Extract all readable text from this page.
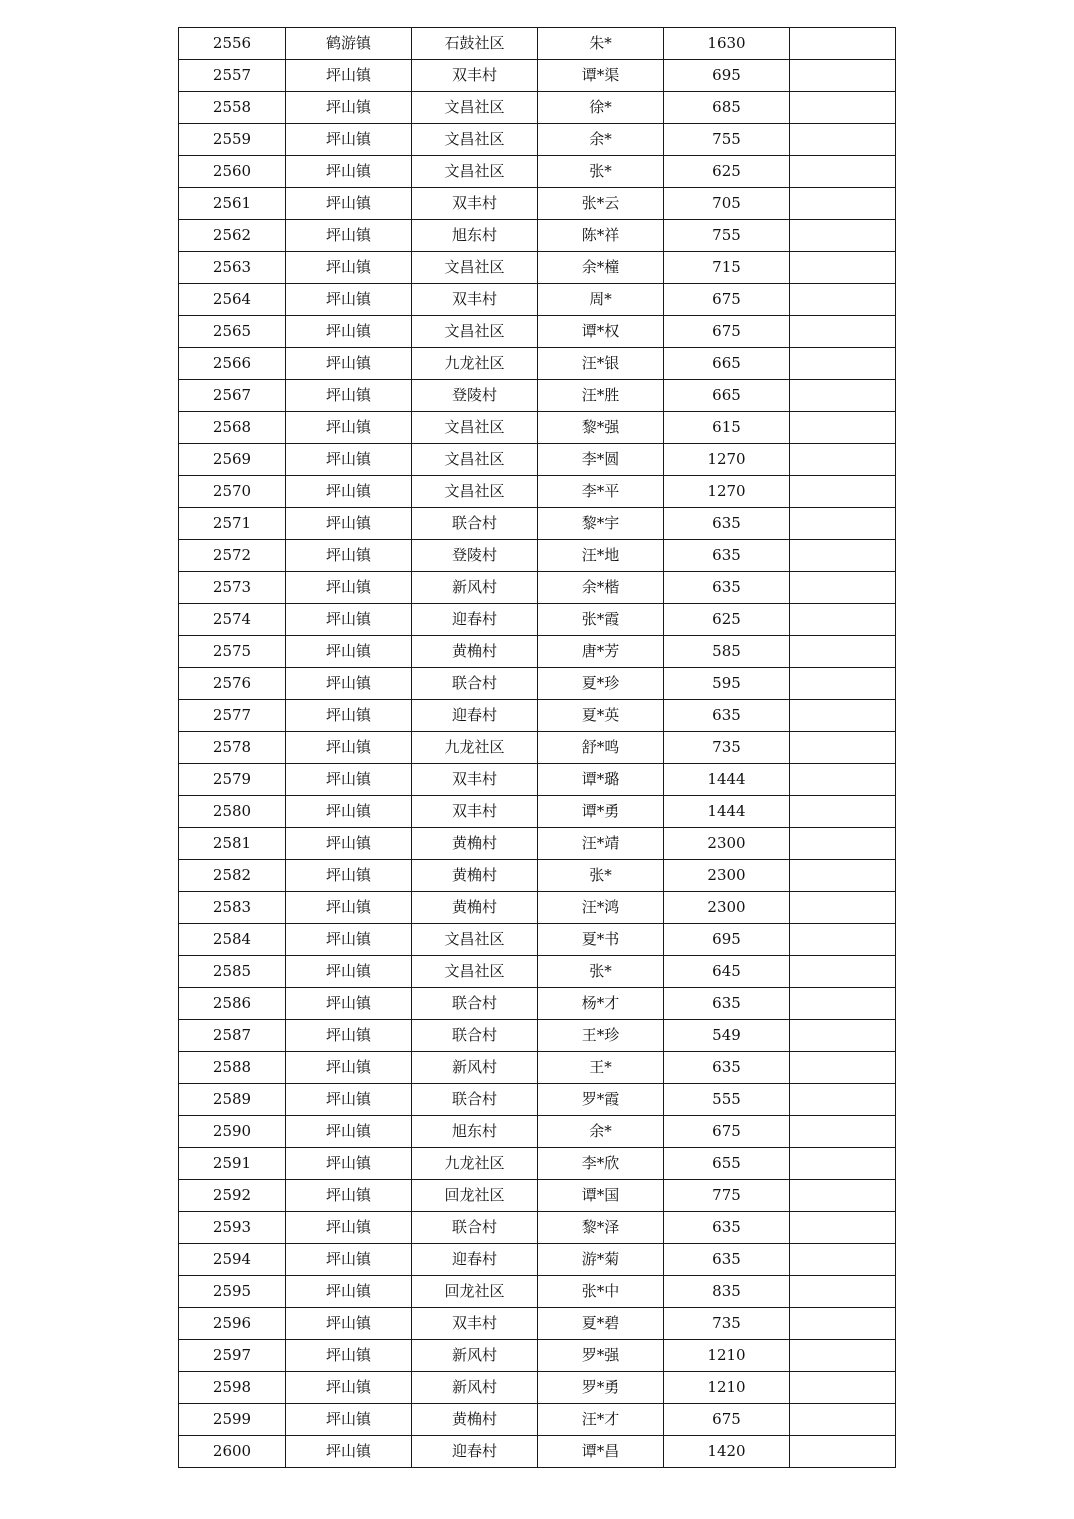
2556	鹤游镇	石鼓社区	朱*	1630	
2557	坪山镇	双丰村	谭*渠	695	
2558	坪山镇	文昌社区	徐*	685	
2559	坪山镇	文昌社区	余*	755	
2560	坪山镇	文昌社区	张*	625	
2561	坪山镇	双丰村	张*云	705	
2562	坪山镇	旭东村	陈*祥	755	
2563	坪山镇	文昌社区	余*橦	715	
2564	坪山镇	双丰村	周*	675	
2565	坪山镇	文昌社区	谭*权	675	
2566	坪山镇	九龙社区	汪*银	665	
2567	坪山镇	登陵村	汪*胜	665	
2568	坪山镇	文昌社区	黎*强	615	
2569	坪山镇	文昌社区	李*圆	1270	
2570	坪山镇	文昌社区	李*平	1270	
2571	坪山镇	联合村	黎*宇	635	
2572	坪山镇	登陵村	汪*地	635	
2573	坪山镇	新风村	余*楷	635	
2574	坪山镇	迎春村	张*霞	625	
2575	坪山镇	黄桷村	唐*芳	585	
2576	坪山镇	联合村	夏*珍	595	
2577	坪山镇	迎春村	夏*英	635	
2578	坪山镇	九龙社区	舒*鸣	735	
2579	坪山镇	双丰村	谭*璐	1444	
2580	坪山镇	双丰村	谭*勇	1444	
2581	坪山镇	黄桷村	汪*靖	2300	
2582	坪山镇	黄桷村	张*	2300	
2583	坪山镇	黄桷村	汪*鸿	2300	
2584	坪山镇	文昌社区	夏*书	695	
2585	坪山镇	文昌社区	张*	645	
2586	坪山镇	联合村	杨*才	635	
2587	坪山镇	联合村	王*珍	549	
2588	坪山镇	新风村	王*	635	
2589	坪山镇	联合村	罗*霞	555	
2590	坪山镇	旭东村	余*	675	
2591	坪山镇	九龙社区	李*欣	655	
2592	坪山镇	回龙社区	谭*国	775	
2593	坪山镇	联合村	黎*泽	635	
2594	坪山镇	迎春村	游*菊	635	
2595	坪山镇	回龙社区	张*中	835	
2596	坪山镇	双丰村	夏*碧	735	
2597	坪山镇	新风村	罗*强	1210	
2598	坪山镇	新风村	罗*勇	1210	
2599	坪山镇	黄桷村	汪*才	675	
2600	坪山镇	迎春村	谭*昌	1420	
